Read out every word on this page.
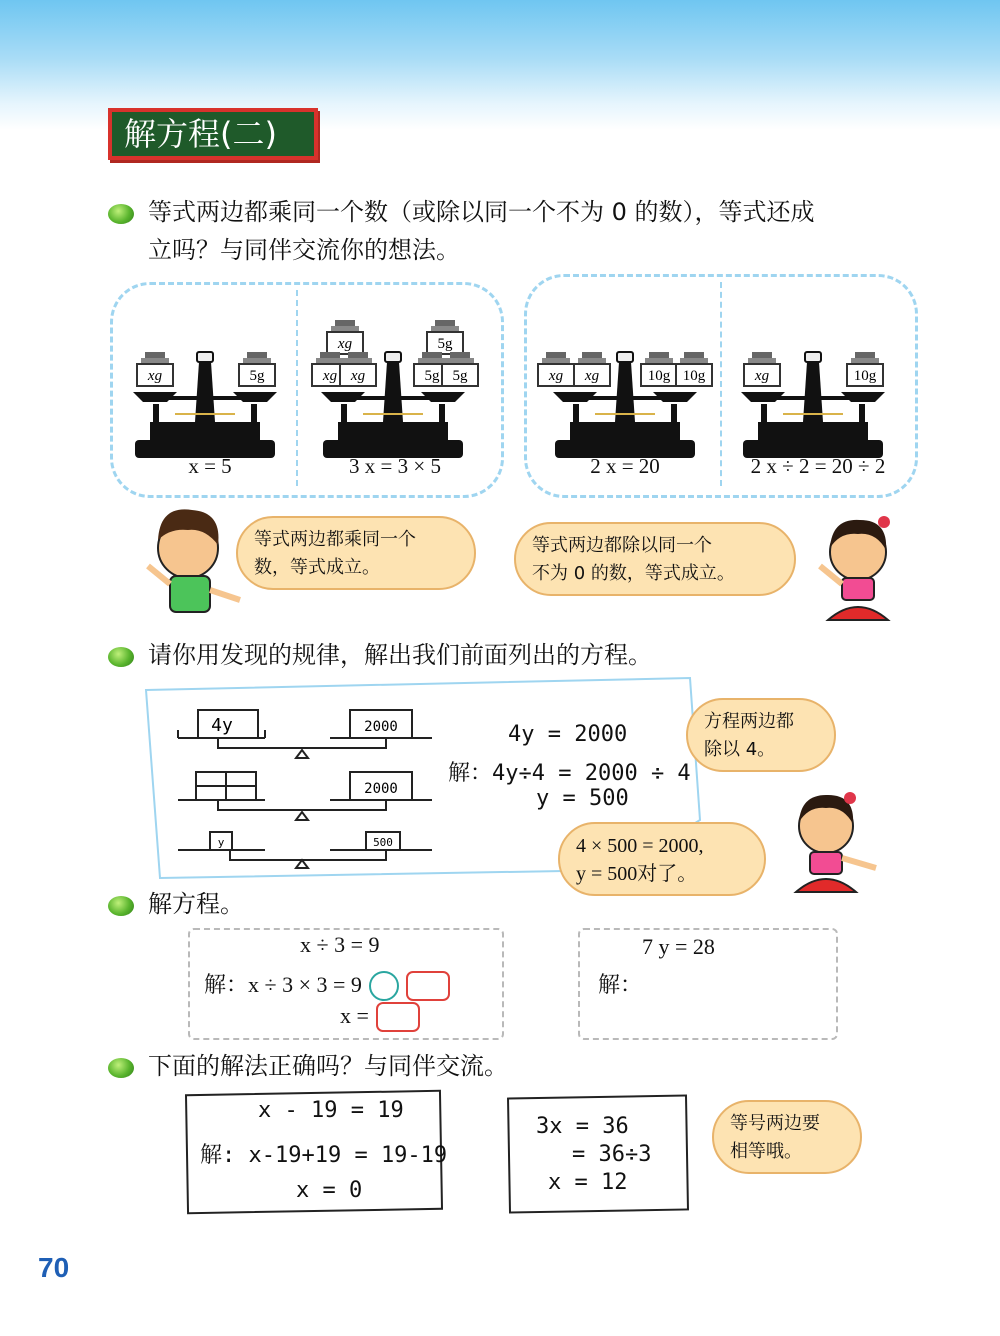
解方程(二)
等式两边都乘同一个数（或除以同一个不为 0 的数），等式还成
立吗？与同伴交流你的想法。
xg	5g
xg
xg xg
5g
5g 5g	xg xg	10g 10g	xg	10g
4y	2000
2000
y	500
x = 5	3 x = 3 × 5	2 x = 20	2 x ÷ 2 = 20 ÷ 2
等式两边都乘同一个
数，等式成立。
等式两边都除以同一个
不为 0 的数，等式成立。
请你用发现的规律，解出我们前面列出的方程。
4y = 2000
解：4y÷4 = 2000 ÷ 4
y = 500
方程两边都
除以 4。
4 × 500 = 2000,
y = 500对了。
解方程。
x ÷ 3 = 9
解：x ÷ 3 × 3 = 9
x =
7 y = 28
解：
下面的解法正确吗？与同伴交流。
x - 19 = 19
解: x-19+19 = 19-19
x = 0
3x = 36
= 36÷3
x = 12
等号两边要
相等哦。
70
